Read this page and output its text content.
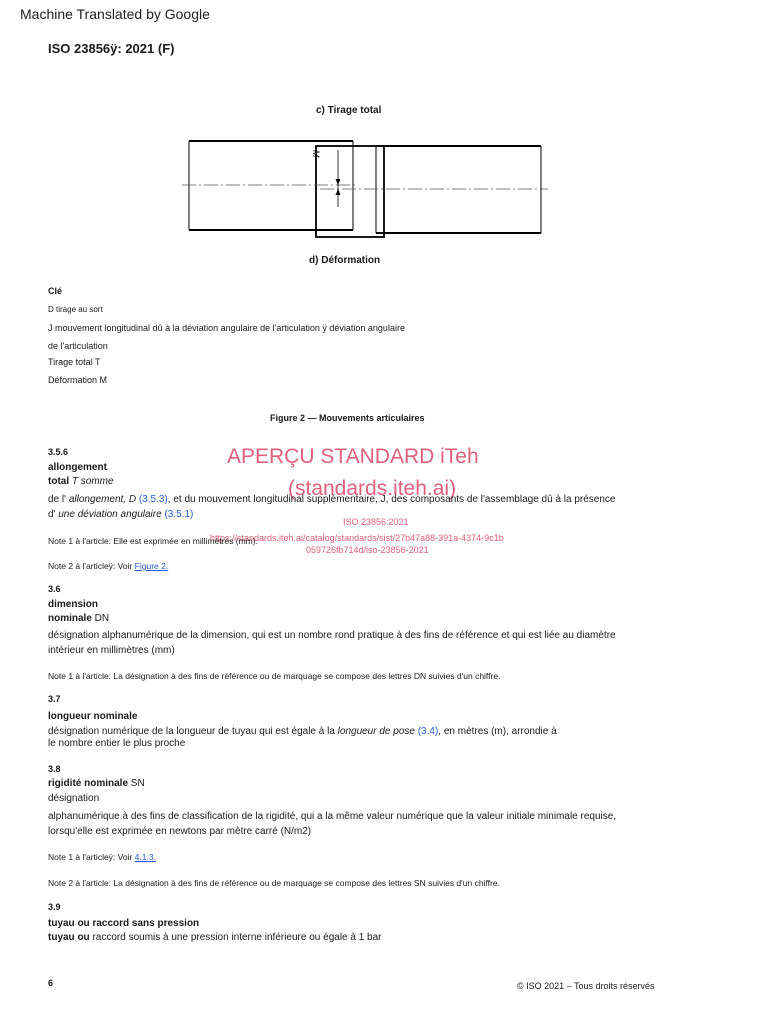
Machine Translated by Google
ISO 23856ÿ: 2021 (F)
c) Tirage total
M
d) Déformation
Clé
D tirage au sort
J mouvement longitudinal dû à la déviation angulaire de l'articulation ÿ déviation angulaire
de l'articulation
Tirage total T
Déformation M
Figure 2 — Mouvements articulaires
APERÇU STANDARD iTeh
(standards.iteh.ai)
ISO 23856:2021
https://standards.iteh.ai/catalog/standards/sist/27b47a88-391a-4374-9c1b
059726fb714d/iso-23856-2021
3.5.6
allongement
total T somme
de l' allongement, D (3.5.3), et du mouvement longitudinal supplémentaire, J, des composants de l'assemblage dû à la présence
d' une déviation angulaire (3.5.1)
Note 1 à l'article: Elle est exprimée en millimètres (mm).
Note 2 à l'articleÿ: Voir Figure 2.
3.6
dimension
nominale DN
désignation alphanumérique de la dimension, qui est un nombre rond pratique à des fins de référence et qui est liée au diamètre
intérieur en millimètres (mm)
Note 1 à l'article: La désignation à des fins de référence ou de marquage se compose des lettres DN suivies d'un chiffre.
3.7
longueur nominale
désignation numérique de la longueur de tuyau qui est égale à la longueur de pose (3.4), en mètres (m), arrondie à
le nombre entier le plus proche
3.8
rigidité nominale SN
désignation
alphanumérique à des fins de classification de la rigidité, qui a la même valeur numérique que la valeur initiale minimale requise,
lorsqu'elle est exprimée en newtons par mètre carré (N/m2)
Note 1 à l'articleÿ: Voir 4.1.3.
Note 2 à l'article: La désignation à des fins de référence ou de marquage se compose des lettres SN suivies d'un chiffre.
3.9
tuyau ou raccord sans pression
tuyau ou raccord soumis à une pression interne inférieure ou égale à 1 bar
6	© ISO 2021 – Tous droits réservés
